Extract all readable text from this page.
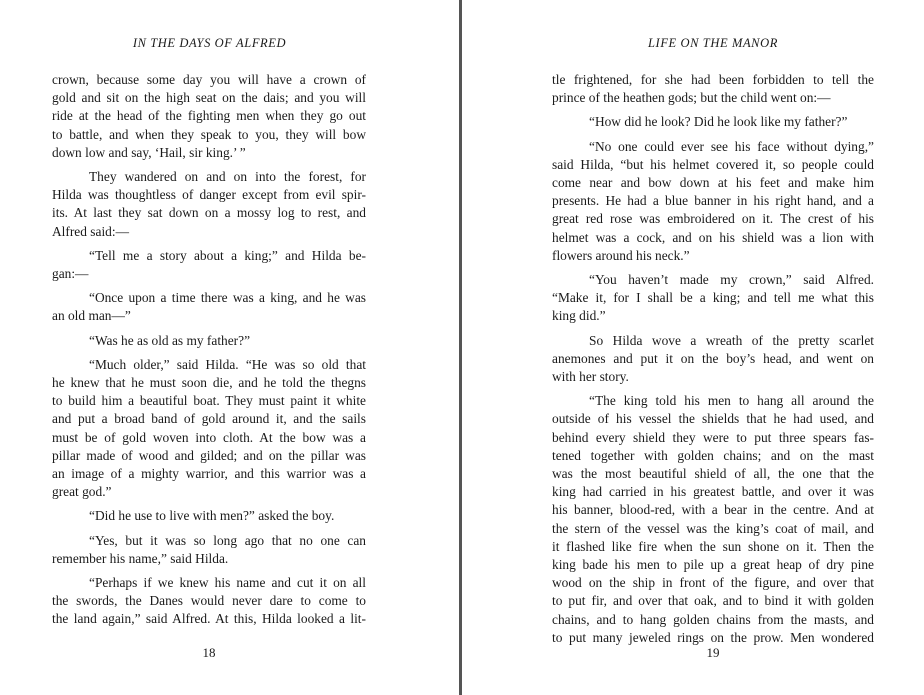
IN THE DAYS OF ALFRED
crown, because some day you will have a crown of
gold and sit on the high seat on the dais; and you will
ride at the head of the fighting men when they go out
to battle, and when they speak to you, they will bow
down low and say, ‘Hail, sir king.’ ”
They wandered on and on into the forest, for
Hilda was thoughtless of danger except from evil spir-
its. At last they sat down on a mossy log to rest, and
Alfred said:—
“Tell me a story about a king;” and Hilda be-
gan:—
“Once upon a time there was a king, and he was
an old man—”
“Was he as old as my father?”
“Much older,” said Hilda. “He was so old that
he knew that he must soon die, and he told the thegns
to build him a beautiful boat. They must paint it white
and put a broad band of gold around it, and the sails
must be of gold woven into cloth. At the bow was a
pillar made of wood and gilded; and on the pillar was
an image of a mighty warrior, and this warrior was a
great god.”
“Did he use to live with men?” asked the boy.
“Yes, but it was so long ago that no one can
remember his name,” said Hilda.
“Perhaps if we knew his name and cut it on all
the swords, the Danes would never dare to come to
the land again,” said Alfred. At this, Hilda looked a lit-
18
LIFE ON THE MANOR
tle frightened, for she had been forbidden to tell the
prince of the heathen gods; but the child went on:—
“How did he look? Did he look like my father?”
“No one could ever see his face without dying,”
said Hilda, “but his helmet covered it, so people could
come near and bow down at his feet and make him
presents. He had a blue banner in his right hand, and a
great red rose was embroidered on it. The crest of his
helmet was a cock, and on his shield was a lion with
flowers around his neck.”
“You haven’t made my crown,” said Alfred.
“Make it, for I shall be a king; and tell me what this
king did.”
So Hilda wove a wreath of the pretty scarlet
anemones and put it on the boy’s head, and went on
with her story.
“The king told his men to hang all around the
outside of his vessel the shields that he had used, and
behind every shield they were to put three spears fas-
tened together with golden chains; and on the mast
was the most beautiful shield of all, the one that the
king had carried in his greatest battle, and over it was
his banner, blood-red, with a bear in the centre. And at
the stern of the vessel was the king’s coat of mail, and
it flashed like fire when the sun shone on it. Then the
king bade his men to pile up a great heap of dry pine
wood on the ship in front of the figure, and over that
to put fir, and over that oak, and to bind it with golden
chains, and to hang golden chains from the masts, and
to put many jeweled rings on the prow. Men wondered
19
